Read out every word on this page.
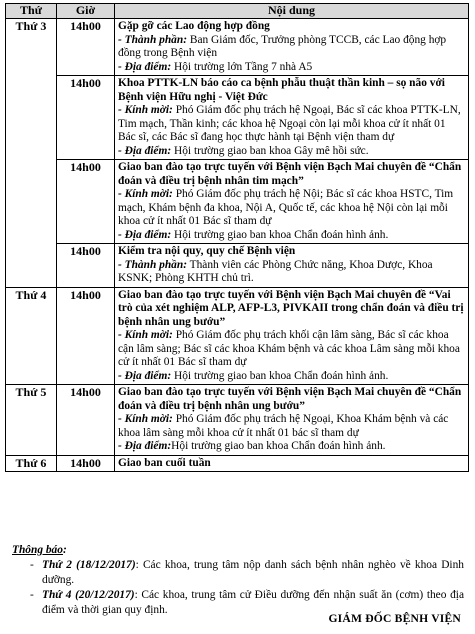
Thứ	Giờ	Nội dung
Thứ 3	14h00	Gặp gỡ các Lao động hợp đồng
- Thành phần: Ban Giám đốc, Trưởng phòng TCCB, các Lao động hợp đồng trong Bệnh viện
- Địa điểm: Hội trường lớn Tầng 7 nhà A5

	14h00	Khoa PTTK-LN báo cáo ca bệnh phẫu thuật thần kinh – sọ não với Bệnh viện Hữu nghị - Việt Đức
- Kính mời: Phó Giám đốc phụ trách hệ Ngoại, Bác sĩ các khoa PTTK-LN, Tim mạch, Thần kinh; các khoa hệ Ngoại còn lại mỗi khoa cử ít nhất 01 Bác sĩ, các Bác sĩ đang học thực hành tại Bệnh viện tham dự
- Địa điểm: Hội trường giao ban khoa Gây mê hồi sức.

	14h00	Giao ban đào tạo trực tuyến với Bệnh viện Bạch Mai chuyên đề “Chẩn đoán và điều trị bệnh nhân tim mạch”
- Kính mời: Phó Giám đốc phụ trách hệ Nội; Bác sĩ các khoa HSTC, Tim mạch, Khám bệnh đa khoa, Nội A, Quốc tế, các khoa hệ Nội còn lại mỗi khoa cử ít nhất 01 Bác sĩ tham dự
- Địa điểm: Hội trường giao ban khoa Chẩn đoán hình ảnh.

	14h00	Kiểm tra nội quy, quy chế Bệnh viện
- Thành phần: Thành viên các Phòng Chức năng, Khoa Dược, Khoa KSNK; Phòng KHTH chủ trì.

Thứ 4	14h00	Giao ban đào tạo trực tuyến với Bệnh viện Bạch Mai chuyên đề “Vai trò của xét nghiệm ALP, AFP-L3, PIVKAII trong chẩn đoán và điều trị bệnh nhân ung bướu”
- Kính mời: Phó Giám đốc phụ trách khối cận lâm sàng, Bác sĩ các khoa cận lâm sàng; Bác sĩ các khoa Khám bệnh và các khoa Lâm sàng mỗi khoa cử ít nhất 01 Bác sĩ tham dự
- Địa điểm: Hội trường giao ban khoa Chẩn đoán hình ảnh.

Thứ 5	14h00	Giao ban đào tạo trực tuyến với Bệnh viện Bạch Mai chuyên đề “Chẩn đoán và điều trị bệnh nhân ung bướu”
- Kính mời: Phó Giám đốc phụ trách hệ Ngoại, Khoa Khám bệnh và các khoa lâm sàng mỗi khoa cử ít nhất 01 bác sĩ tham dự
- Địa điểm:Hội trường giao ban khoa Chẩn đoán hình ảnh.

Thứ 6	14h00	Giao ban cuối tuần
Thông báo:
- Thứ 2 (18/12/2017): Các khoa, trung tâm nộp danh sách bệnh nhân nghèo về khoa Dinh dưỡng.
- Thứ 4 (20/12/2017): Các khoa, trung tâm cử Điều dưỡng đến nhận suất ăn (cơm) theo địa điểm và thời gian quy định.
GIÁM ĐỐC BỆNH VIỆN
